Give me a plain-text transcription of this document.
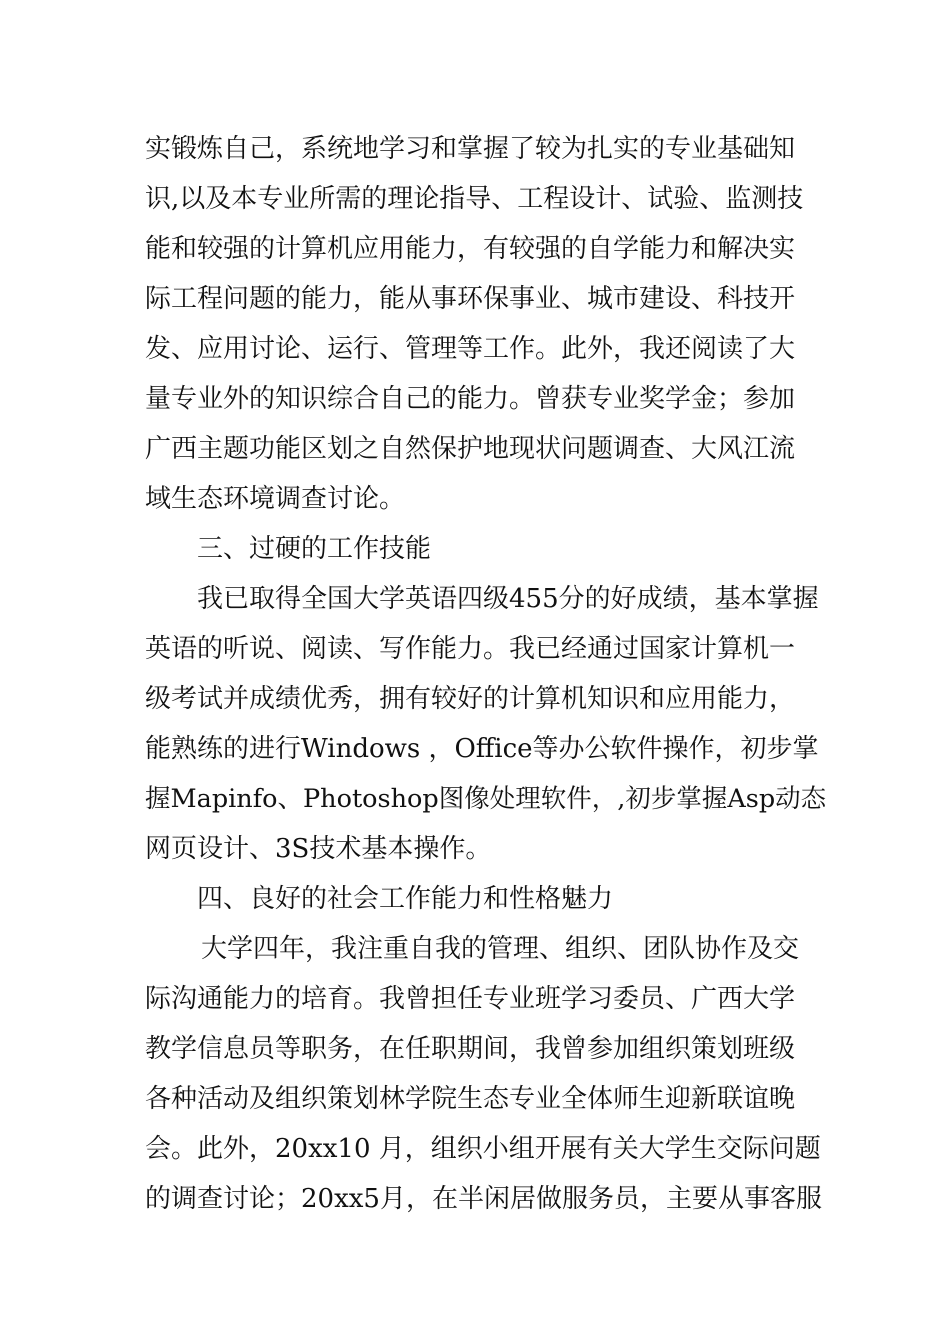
实锻炼自己，系统地学习和掌握了较为扎实的专业基础知
识,以及本专业所需的理论指导、工程设计、试验、监测技
能和较强的计算机应用能力，有较强的自学能力和解决实
际工程问题的能力，能从事环保事业、城市建设、科技开
发、应用讨论、运行、管理等工作。此外，我还阅读了大
量专业外的知识综合自己的能力。曾获专业奖学金；参加
广西主题功能区划之自然保护地现状问题调查、大风江流
域生态环境调查讨论。
三、过硬的工作技能
我已取得全国大学英语四级455分的好成绩，基本掌握
英语的听说、阅读、写作能力。我已经通过国家计算机一
级考试并成绩优秀，拥有较好的计算机知识和应用能力，
能熟练的进行Windows ，Office等办公软件操作，初步掌
握Mapinfo、Photoshop图像处理软件，,初步掌握Asp动态
网页设计、3S技术基本操作。
四、良好的社会工作能力和性格魅力
大学四年，我注重自我的管理、组织、团队协作及交
际沟通能力的培育。我曾担任专业班学习委员、广西大学
教学信息员等职务，在任职期间，我曾参加组织策划班级
各种活动及组织策划林学院生态专业全体师生迎新联谊晚
会。此外，20xx10 月，组织小组开展有关大学生交际问题
的调查讨论；20xx5月，在半闲居做服务员，主要从事客服
